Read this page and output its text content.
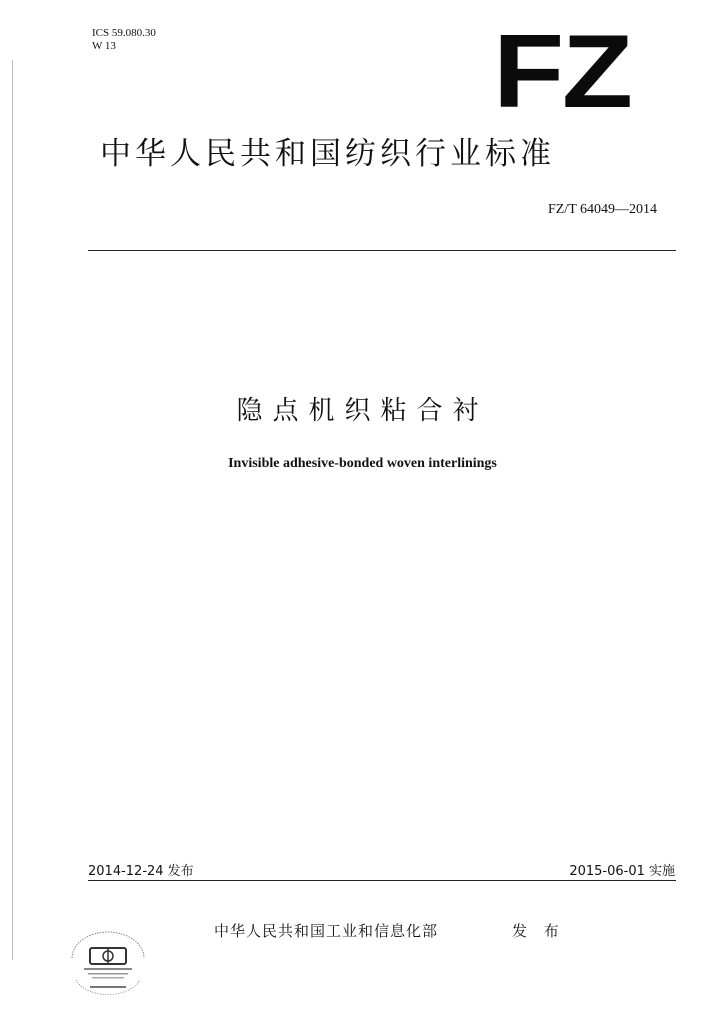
ICS 59.080.30
W 13	FZ
中华人民共和国纺织行业标准
FZ/T 64049—2014
隐点机织粘合衬
Invisible adhesive-bonded woven interlinings
2014-12-24 发布	2015-06-01 实施
中华人民共和国工业和信息化部	发 布
